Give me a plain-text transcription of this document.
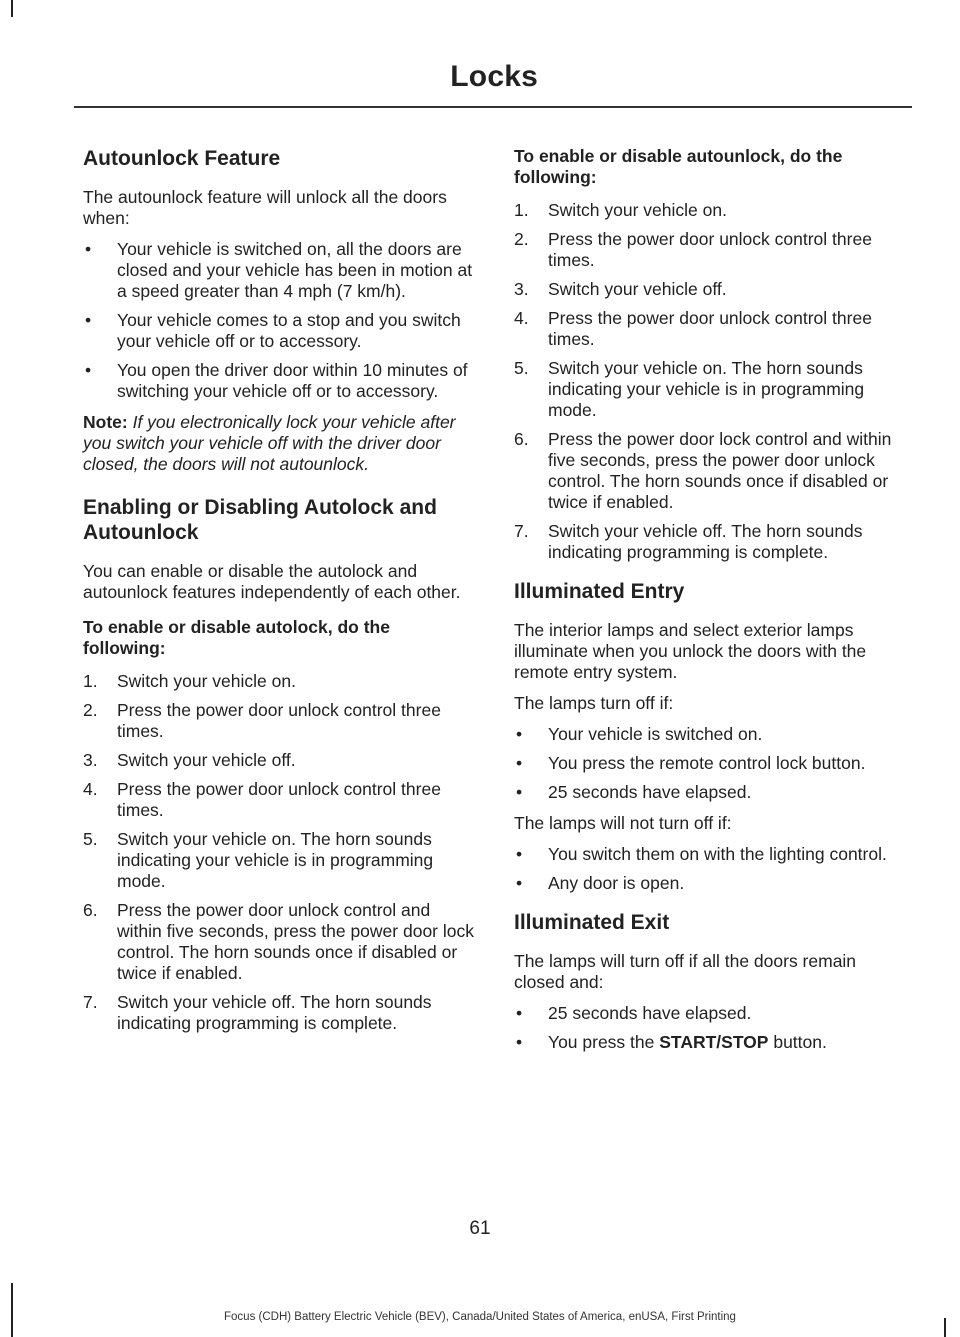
Locks
Autounlock Feature

The autounlock feature will unlock all the doors when:

• Your vehicle is switched on, all the doors are closed and your vehicle has been in motion at a speed greater than 4 mph (7 km/h).
• Your vehicle comes to a stop and you switch your vehicle off or to accessory.
• You open the driver door within 10 minutes of switching your vehicle off or to accessory.

Note: If you electronically lock your vehicle after you switch your vehicle off with the driver door closed, the doors will not autounlock.

Enabling or Disabling Autolock and Autounlock

You can enable or disable the autolock and autounlock features independently of each other.

To enable or disable autolock, do the following:
1. Switch your vehicle on.
2. Press the power door unlock control three times.
3. Switch your vehicle off.
4. Press the power door unlock control three times.
5. Switch your vehicle on. The horn sounds indicating your vehicle is in programming mode.
6. Press the power door unlock control and within five seconds, press the power door lock control. The horn sounds once if disabled or twice if enabled.
7. Switch your vehicle off. The horn sounds indicating programming is complete.
To enable or disable autounlock, do the following:
1. Switch your vehicle on.
2. Press the power door unlock control three times.
3. Switch your vehicle off.
4. Press the power door unlock control three times.
5. Switch your vehicle on. The horn sounds indicating your vehicle is in programming mode.
6. Press the power door lock control and within five seconds, press the power door unlock control. The horn sounds once if disabled or twice if enabled.
7. Switch your vehicle off. The horn sounds indicating programming is complete.
Illuminated Entry

The interior lamps and select exterior lamps illuminate when you unlock the doors with the remote entry system.

The lamps turn off if:

• Your vehicle is switched on.
• You press the remote control lock button.
• 25 seconds have elapsed.

The lamps will not turn off if:

• You switch them on with the lighting control.
• Any door is open.
Illuminated Exit

The lamps will turn off if all the doors remain closed and:

• 25 seconds have elapsed.
• You press the START/STOP button.
61
Focus (CDH) Battery Electric Vehicle (BEV), Canada/United States of America, enUSA, First Printing
